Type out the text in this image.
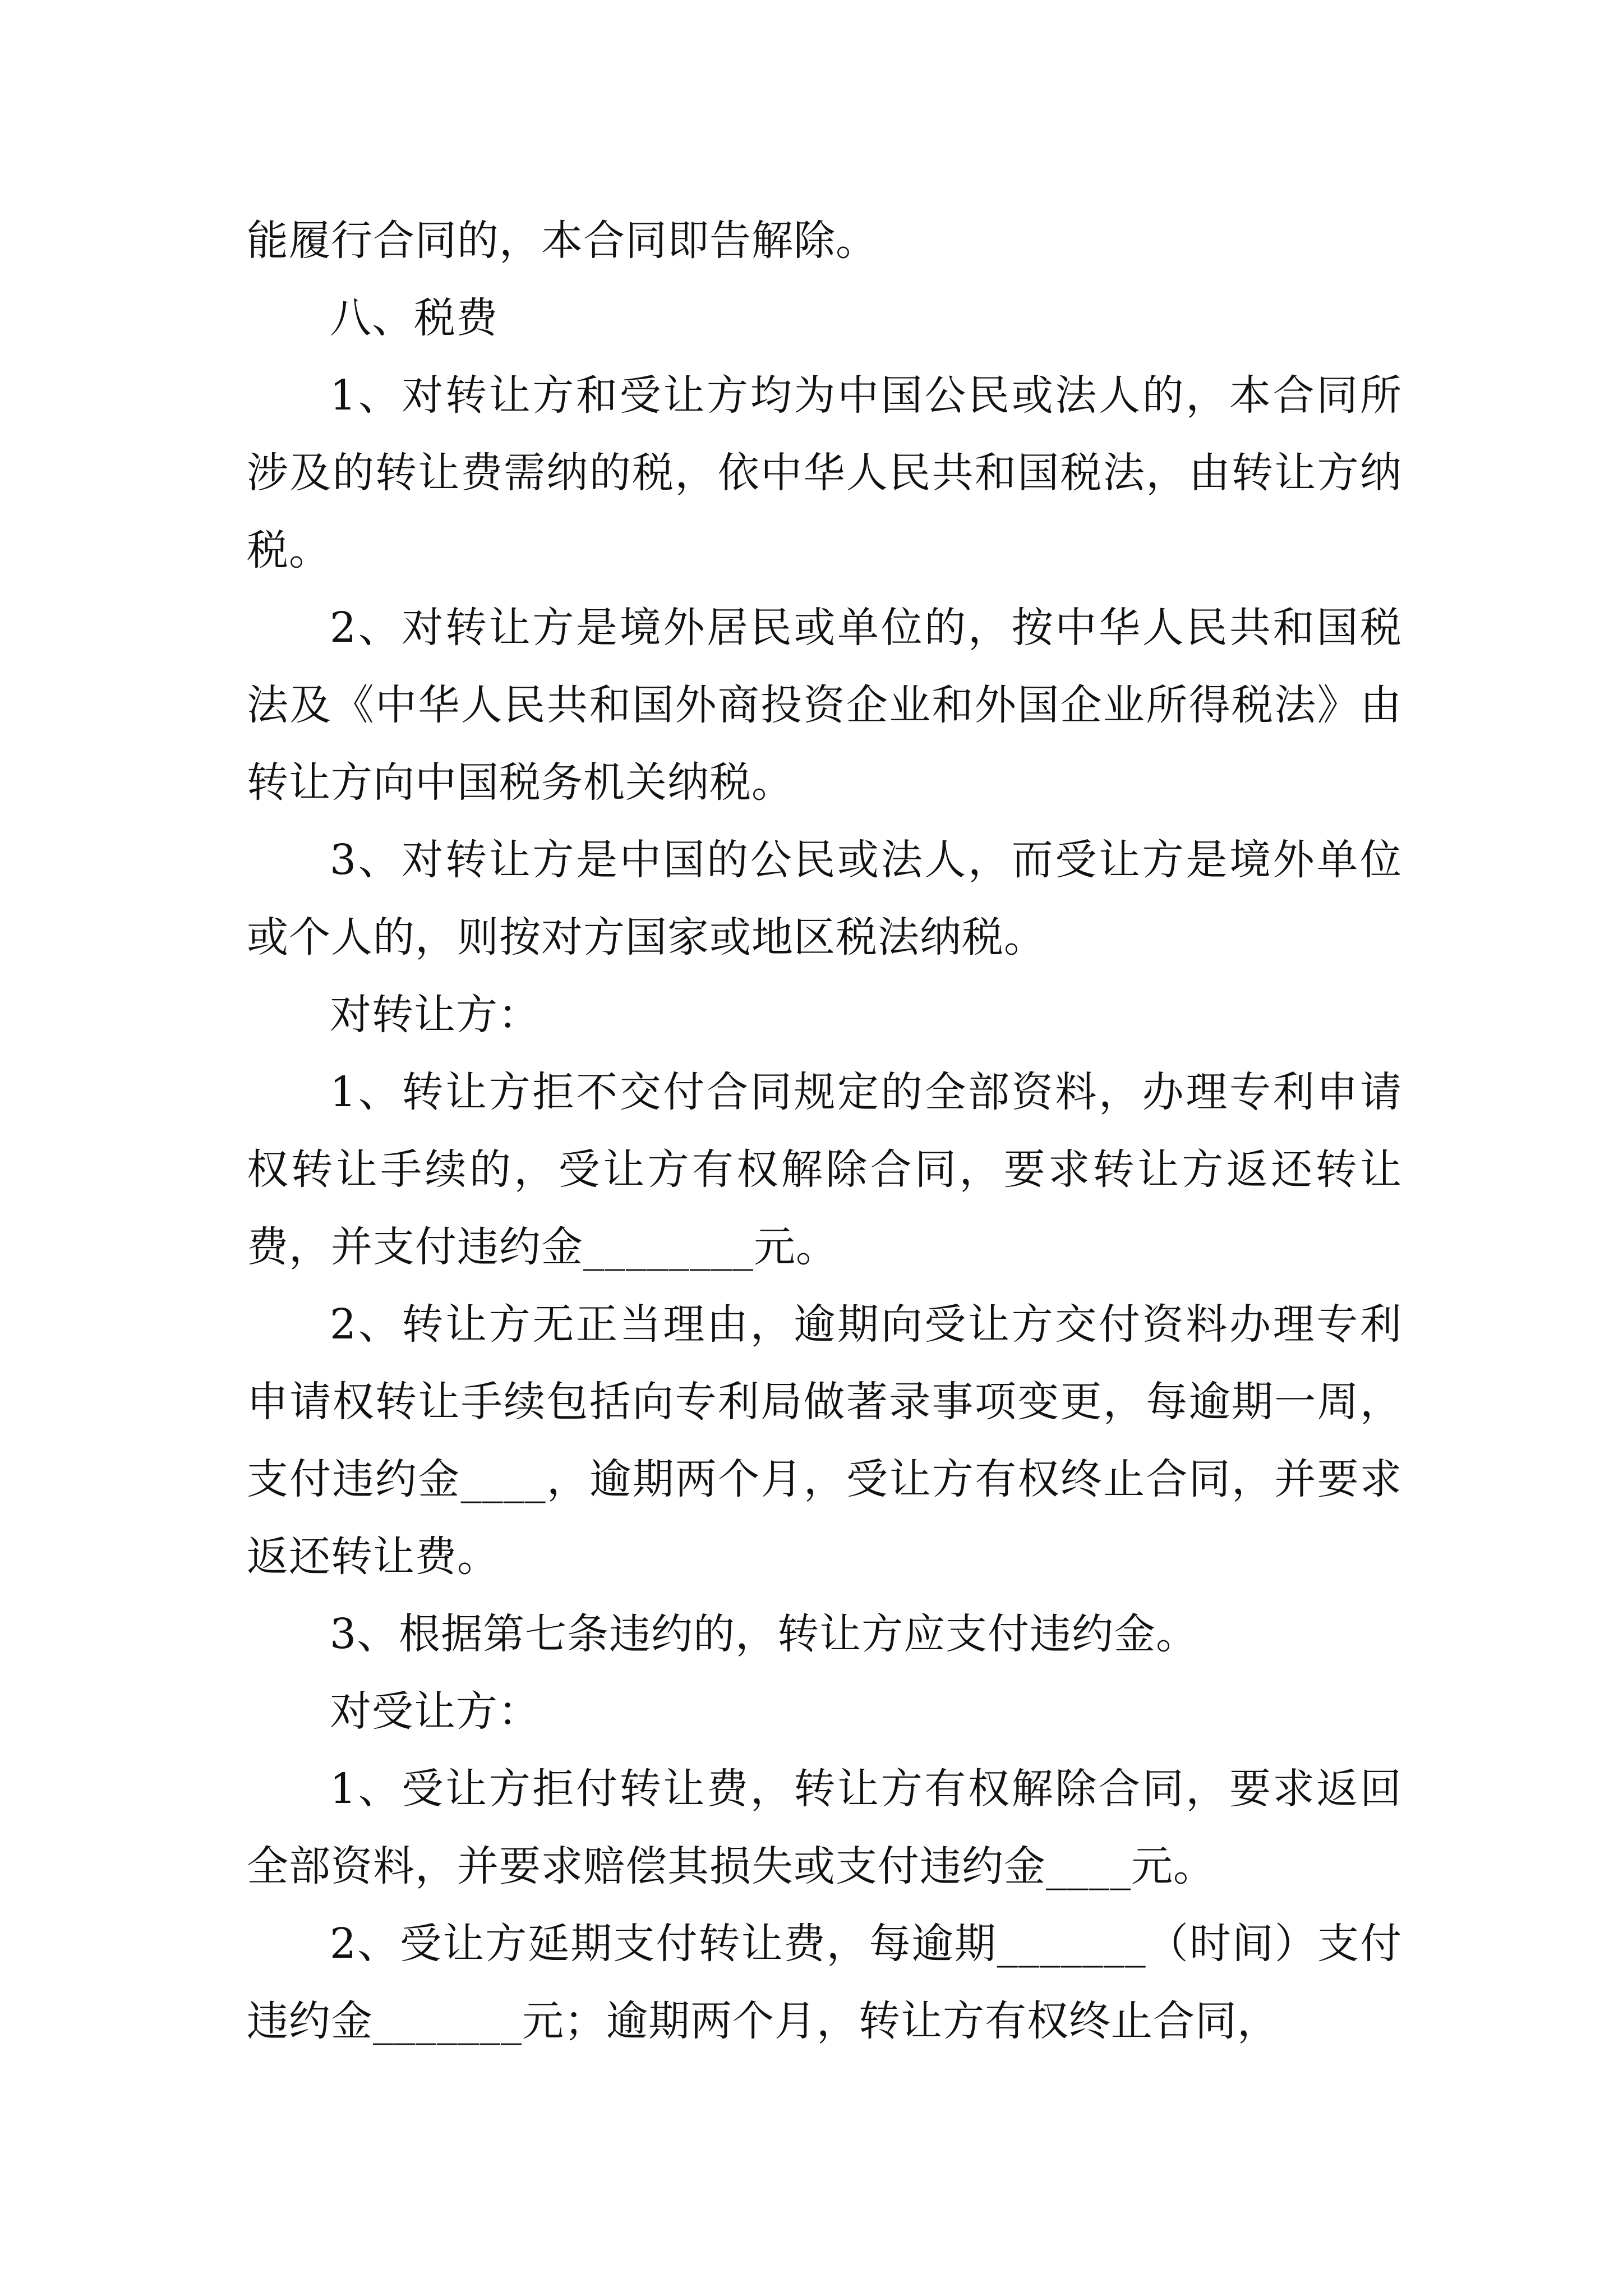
能履行合同的，本合同即告解除。

八、税费

1、对转让方和受让方均为中国公民或法人的，本合同所涉及的转让费需纳的税，依中华人民共和国税法，由转让方纳税。

2、对转让方是境外居民或单位的，按中华人民共和国税法及《中华人民共和国外商投资企业和外国企业所得税法》由转让方向中国税务机关纳税。

3、对转让方是中国的公民或法人，而受让方是境外单位或个人的，则按对方国家或地区税法纳税。

对转让方：

1、转让方拒不交付合同规定的全部资料，办理专利申请权转让手续的，受让方有权解除合同，要求转让方返还转让费，并支付违约金________元。

2、转让方无正当理由，逾期向受让方交付资料办理专利申请权转让手续包括向专利局做著录事项变更，每逾期一周，支付违约金____，逾期两个月，受让方有权终止合同，并要求返还转让费。

3、根据第七条违约的，转让方应支付违约金。

对受让方：

1、受让方拒付转让费，转让方有权解除合同，要求返回全部资料，并要求赔偿其损失或支付违约金____元。

2、受让方延期支付转让费，每逾期_______（时间）支付违约金_______元；逾期两个月，转让方有权终止合同，
